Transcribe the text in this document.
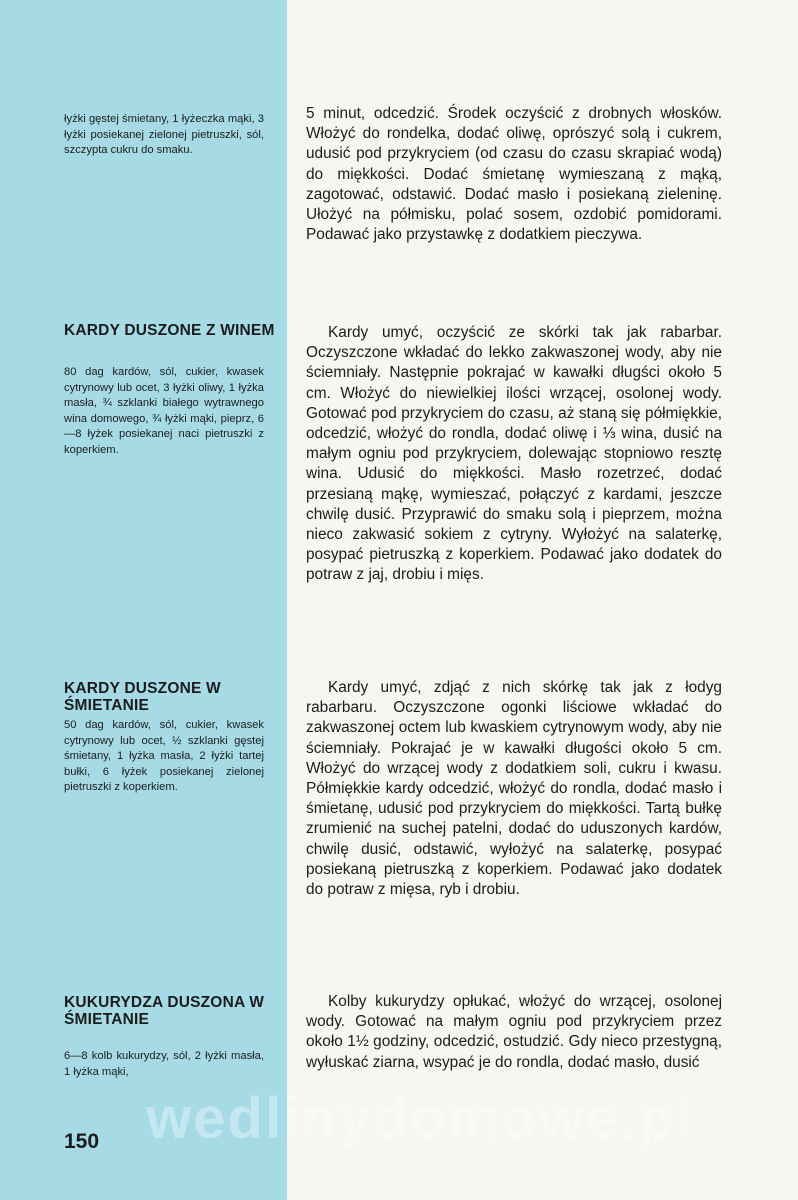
łyżki gęstej śmietany, 1 łyżeczka mąki, 3 łyżki posiekanej zielonej pietruszki, sól, szczypta cukru do smaku.

5 minut, odcedzić. Środek oczyścić z drobnych włosków. Włożyć do rondelka, dodać oliwę, oprószyć solą i cukrem, udusić pod przykryciem (od czasu do czasu skrapiać wodą) do miękkości. Dodać śmietanę wymieszaną z mąką, zagotować, odstawić. Dodać masło i posiekaną zieleninę. Ułożyć na półmisku, polać sosem, ozdobić pomidorami. Podawać jako przystawkę z dodatkiem pieczywa.

KARDY DUSZONE Z WINEM

80 dag kardów, sól, cukier, kwasek cytrynowy lub ocet, 3 łyżki oliwy, 1 łyżka masła, ¾ szklanki białego wytrawnego wina domowego, ¾ łyżki mąki, pieprz, 6—8 łyżek posiekanej naci pietruszki z koperkiem.

Kardy umyć, oczyścić ze skórki tak jak rabarbar. Oczyszczone wkładać do lekko zakwaszonej wody, aby nie ściemniały. Następnie pokrajać w kawałki długści około 5 cm. Włożyć do niewielkiej ilości wrzącej, osolonej wody. Gotować pod przykryciem do czasu, aż staną się półmiękkie, odcedzić, włożyć do rondla, dodać oliwę i ⅓ wina, dusić na małym ogniu pod przykryciem, dolewając stopniowo resztę wina. Udusić do miękkości. Masło rozetrzeć, dodać przesianą mąkę, wymieszać, połączyć z kardami, jeszcze chwilę dusić. Przyprawić do smaku solą i pieprzem, można nieco zakwasić sokiem z cytryny. Wyłożyć na salaterkę, posypać pietruszką z koperkiem. Podawać jako dodatek do potraw z jaj, drobiu i mięs.

KARDY DUSZONE W ŚMIETANIE

50 dag kardów, sól, cukier, kwasek cytrynowy lub ocet, ½ szklanki gęstej śmietany, 1 łyżka masła, 2 łyżki tartej bułki, 6 łyżek posiekanej zielonej pietruszki z koperkiem.

Kardy umyć, zdjąć z nich skórkę tak jak z łodyg rabarbaru. Oczyszczone ogonki liściowe wkładać do zakwaszonej octem lub kwaskiem cytrynowym wody, aby nie ściemniały. Pokrajać je w kawałki długości około 5 cm. Włożyć do wrzącej wody z dodatkiem soli, cukru i kwasu. Półmiękkie kardy odcedzić, włożyć do rondla, dodać masło i śmietanę, udusić pod przykryciem do miękkości. Tartą bułkę zrumienić na suchej patelni, dodać do uduszonych kardów, chwilę dusić, odstawić, wyłożyć na salaterkę, posypać posiekaną pietruszką z koperkiem. Podawać jako dodatek do potraw z mięsa, ryb i drobiu.

KUKURYDZA DUSZONA W ŚMIETANIE

6—8 kolb kukurydzy, sól, 2 łyżki masła, 1 łyżka mąki,

Kolby kukurydzy opłukać, włożyć do wrzącej, osolonej wody. Gotować na małym ogniu pod przykryciem przez około 1½ godziny, odcedzić, ostudzić. Gdy nieco przestygną, wyłuskać ziarna, wsypać je do rondla, dodać masło, dusić

wedlinydomowe.pl

150
